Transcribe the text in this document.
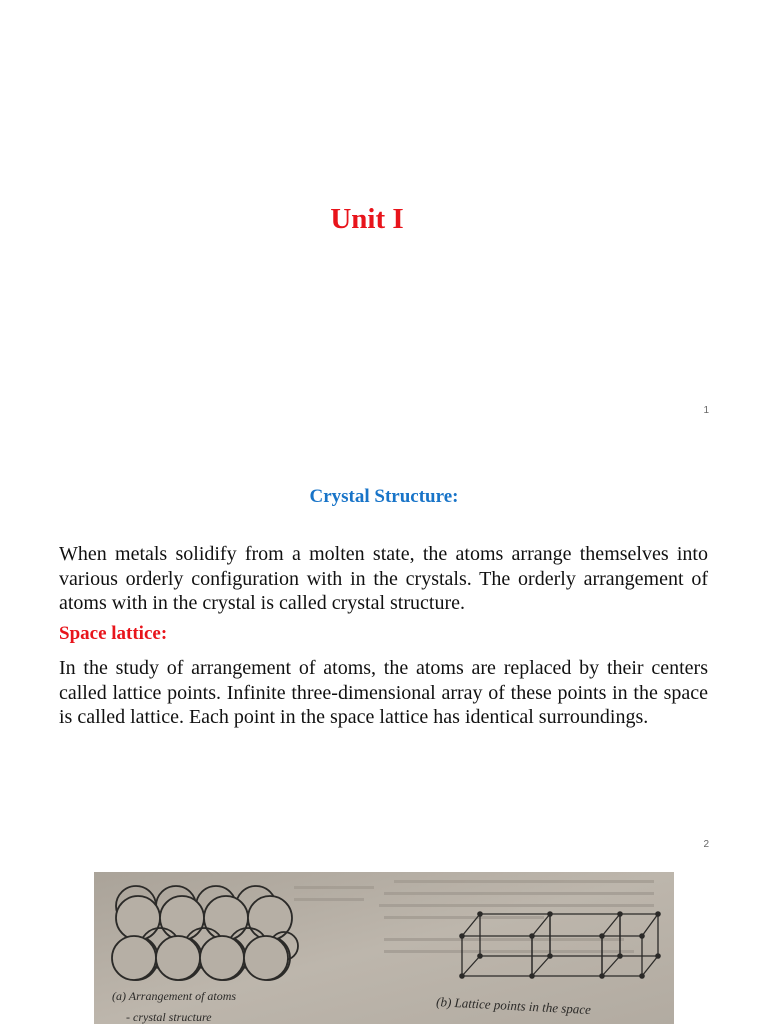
Unit I
1
Crystal Structure:

When metals solidify from a molten state, the atoms arrange themselves into various orderly configuration with in the crystals. The orderly arrangement of atoms with in the crystal is called crystal structure.

Space lattice:

In the study of arrangement of atoms, the atoms are replaced by their centers called lattice points. Infinite three-dimensional array of these points in the space is called lattice. Each point in the space lattice has identical surroundings.

2
(a) Arrangement of atoms
- crystal structure	(b) Lattice points in the space
